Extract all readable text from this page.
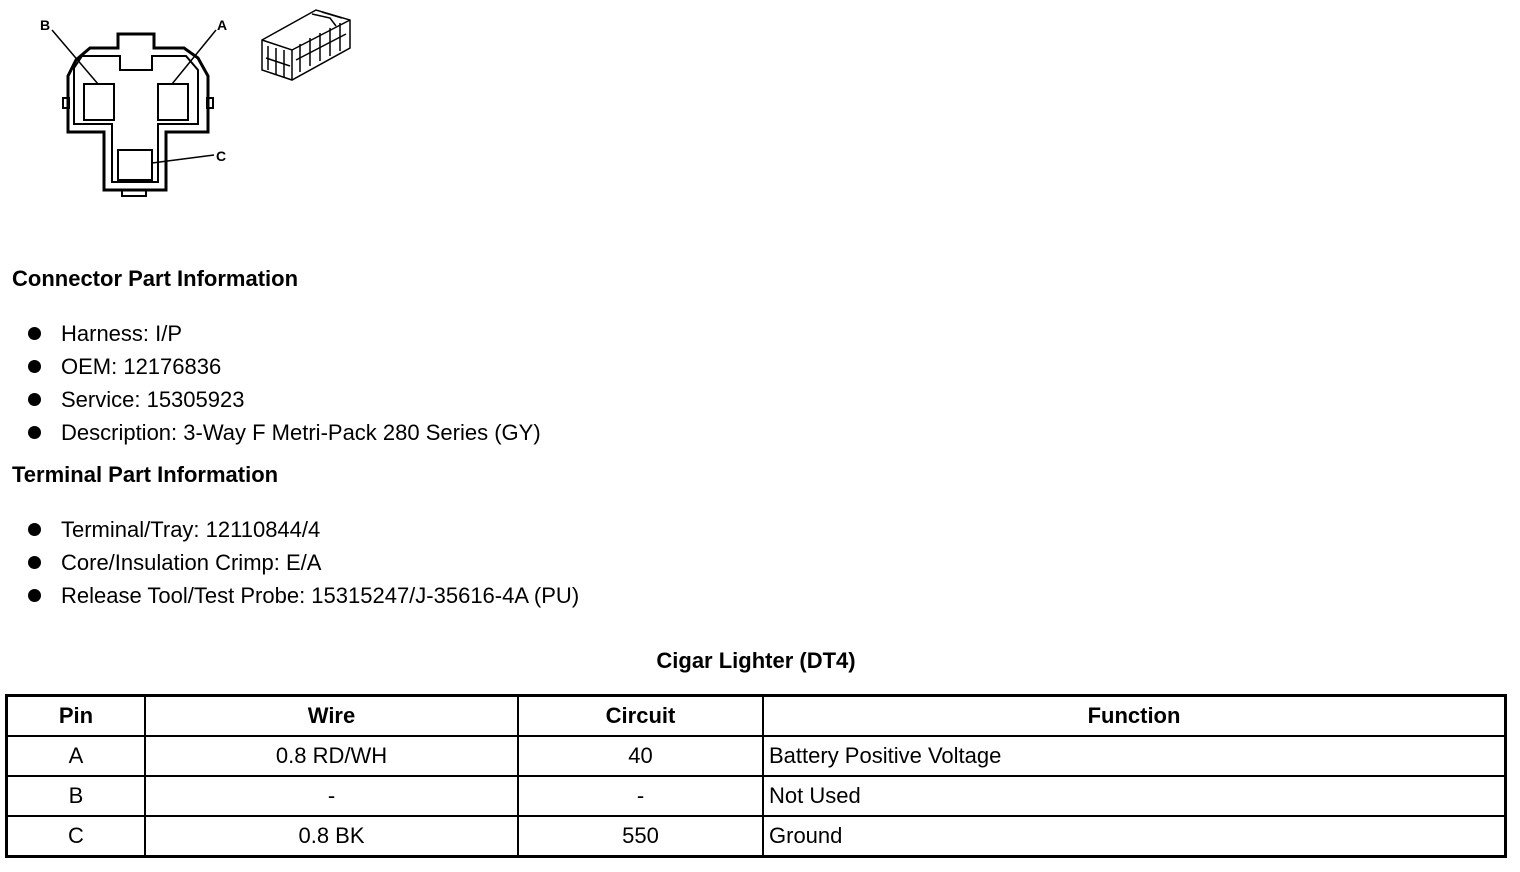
B	A
C
Connector Part Information
Harness: I/P
OEM: 12176836
Service: 15305923
Description: 3-Way F Metri-Pack 280 Series (GY)
Terminal Part Information
Terminal/Tray: 12110844/4
Core/Insulation Crimp: E/A
Release Tool/Test Probe: 15315247/J-35616-4A (PU)
Cigar Lighter (DT4)
Pin	Wire	Circuit	Function
A	0.8 RD/WH	40	Battery Positive Voltage
B	-	-	Not Used
C	0.8 BK	550	Ground
